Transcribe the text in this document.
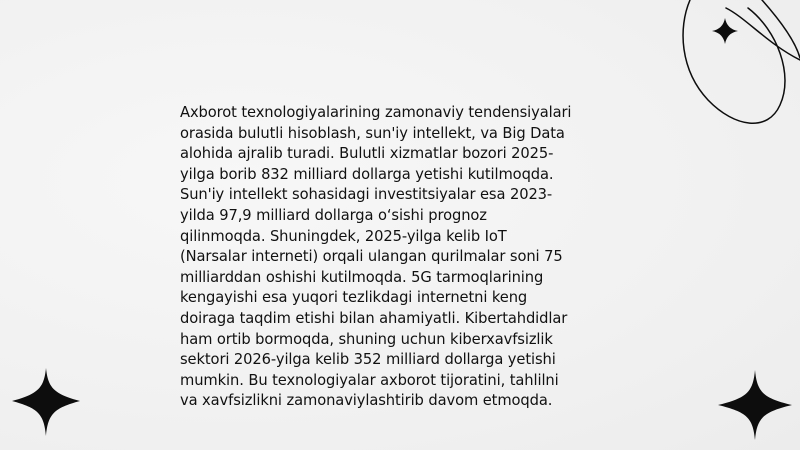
Axborot texnologiyalarining zamonaviy tendensiyalari
orasida bulutli hisoblash, sun'iy intellekt, va Big Data
alohida ajralib turadi. Bulutli xizmatlar bozori 2025-
yilga borib 832 milliard dollarga yetishi kutilmoqda.
Sun'iy intellekt sohasidagi investitsiyalar esa 2023-
yilda 97,9 milliard dollarga o‘sishi prognoz
qilinmoqda. Shuningdek, 2025-yilga kelib IoT
(Narsalar interneti) orqali ulangan qurilmalar soni 75
milliarddan oshishi kutilmoqda. 5G tarmoqlarining
kengayishi esa yuqori tezlikdagi internetni keng
doiraga taqdim etishi bilan ahamiyatli. Kibertahdidlar
ham ortib bormoqda, shuning uchun kiberxavfsizlik
sektori 2026-yilga kelib 352 milliard dollarga yetishi
mumkin. Bu texnologiyalar axborot tijoratini, tahlilni
va xavfsizlikni zamonaviylashtirib davom etmoqda.
